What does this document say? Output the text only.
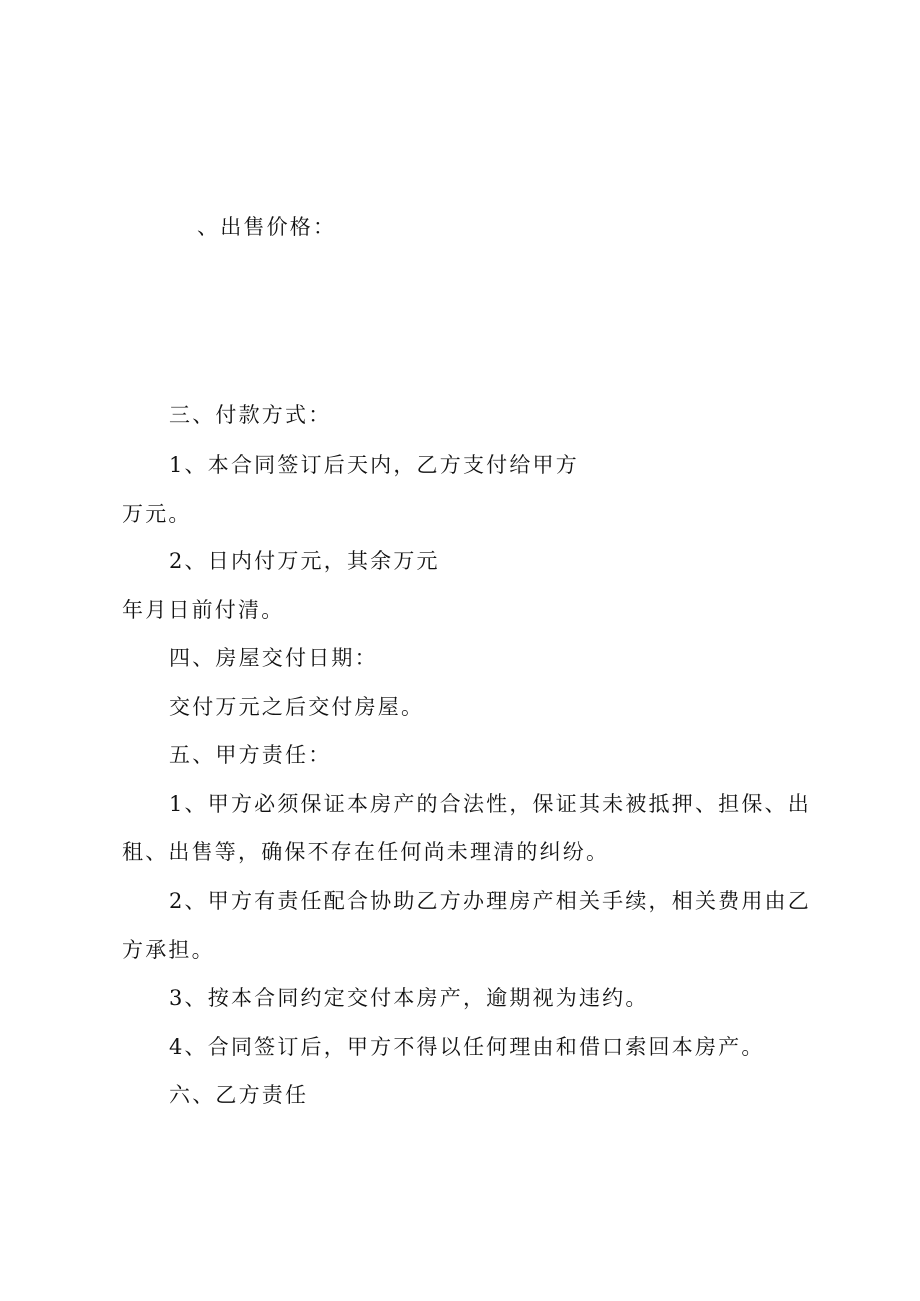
、出售价格：
三、付款方式：
1、本合同签订后天内，乙方支付给甲方
万元。
2、日内付万元，其余万元
年月日前付清。
四、房屋交付日期：
交付万元之后交付房屋。
五、甲方责任：
1、甲方必须保证本房产的合法性，保证其未被抵押、担保、出
租、出售等，确保不存在任何尚未理清的纠纷。
2、甲方有责任配合协助乙方办理房产相关手续，相关费用由乙
方承担。
3、按本合同约定交付本房产，逾期视为违约。
4、合同签订后，甲方不得以任何理由和借口索回本房产。
六、乙方责任
